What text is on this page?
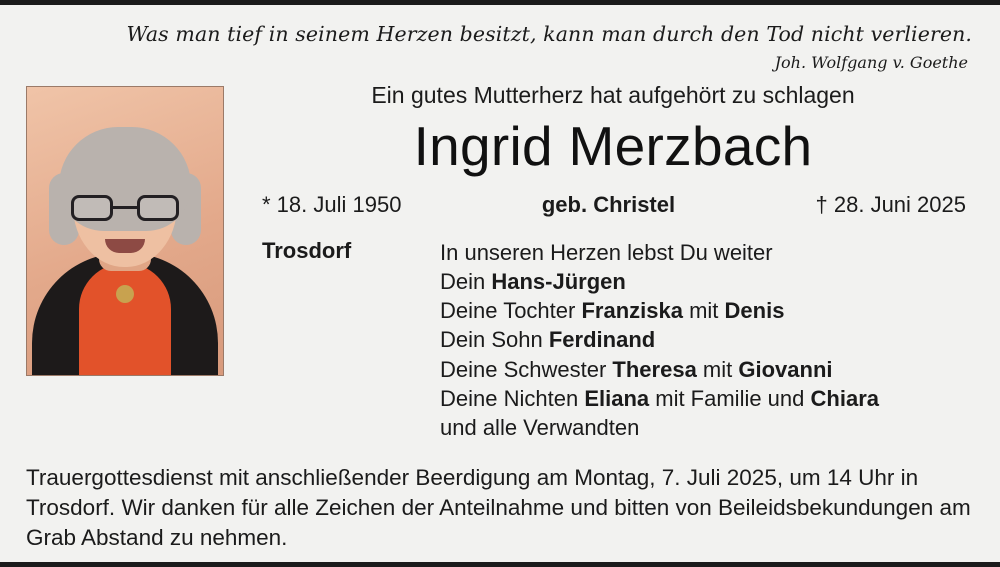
Was man tief in seinem Herzen besitzt, kann man durch den Tod nicht verlieren.
Joh. Wolfgang v. Goethe
Ein gutes Mutterherz hat aufgehört zu schlagen
Ingrid Merzbach
* 18. Juli 1950	geb. Christel	† 28. Juni 2025
Trosdorf	In unseren Herzen lebst Du weiter
Dein Hans-Jürgen
Deine Tochter Franziska mit Denis
Dein Sohn Ferdinand
Deine Schwester Theresa mit Giovanni
Deine Nichten Eliana mit Familie und Chiara
und alle Verwandten
Trauergottesdienst mit anschließender Beerdigung am Montag, 7. Juli 2025, um 14 Uhr in Trosdorf. Wir danken für alle Zeichen der Anteilnahme und bitten von Beileidsbekundungen am Grab Abstand zu nehmen.
